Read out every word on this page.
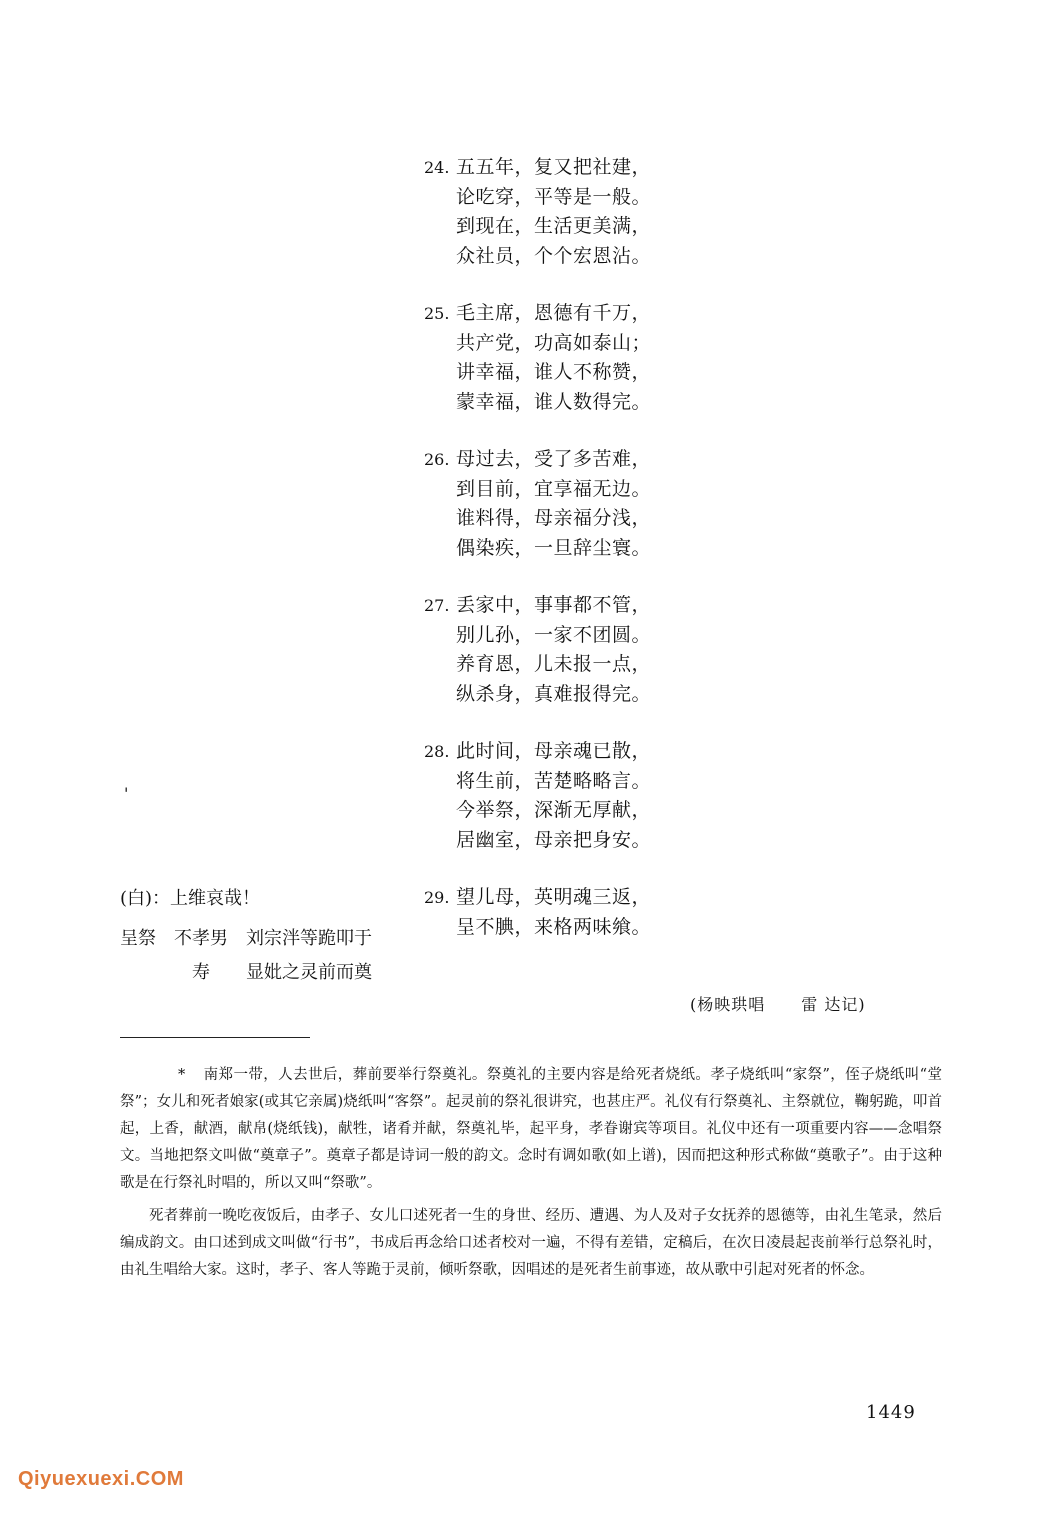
24. 五五年，复又把社建，
论吃穿，平等是一般。
到现在，生活更美满，
众社员，个个宏恩沾。
25. 毛主席，恩德有千万，
共产党，功高如泰山；
讲幸福，谁人不称赞，
蒙幸福，谁人数得完。
26. 母过去，受了多苦难，
到目前，宜享福无边。
谁料得，母亲福分浅，
偶染疾，一旦辞尘寰。
27. 丢家中，事事都不管，
别儿孙，一家不团圆。
养育恩，儿未报一点，
纵杀身，真难报得完。
28. 此时间，母亲魂已散，
将生前，苦楚略略言。
今举祭，深渐无厚献，
居幽室，母亲把身安。
29. 望儿母，英明魂三返，
呈不腆，来格两味飨。
'
(白)：上维哀哉！
呈祭 不孝男 刘宗泮等跪叩于
寿 显妣之灵前而奠
(杨映珙唱 雷 达记)

* 南郑一带，人去世后，葬前要举行祭奠礼。祭奠礼的主要内容是给死者烧纸。孝子烧纸叫“家祭”，侄子烧纸叫“堂祭”；女儿和死者娘家(或其它亲属)烧纸叫“客祭”。起灵前的祭礼很讲究，也甚庄严。礼仪有行祭奠礼、主祭就位，鞠躬跪，叩首起，上香，献酒，献帛(烧纸钱)，献牲，诸肴并献，祭奠礼毕，起平身，孝眷谢宾等项目。礼仪中还有一项重要内容——念唱祭文。当地把祭文叫做“奠章子”。奠章子都是诗词一般的韵文。念时有调如歌(如上谱)，因而把这种形式称做“奠歌子”。由于这种歌是在行祭礼时唱的，所以又叫“祭歌”。

死者葬前一晚吃夜饭后，由孝子、女儿口述死者一生的身世、经历、遭遇、为人及对子女抚养的恩德等，由礼生笔录，然后编成韵文。由口述到成文叫做“行书”，书成后再念给口述者校对一遍，不得有差错，定稿后，在次日凌晨起丧前举行总祭礼时，由礼生唱给大家。这时，孝子、客人等跪于灵前，倾听祭歌，因唱述的是死者生前事迹，故从歌中引起对死者的怀念。

1449
Qiyuexuexi.COM
